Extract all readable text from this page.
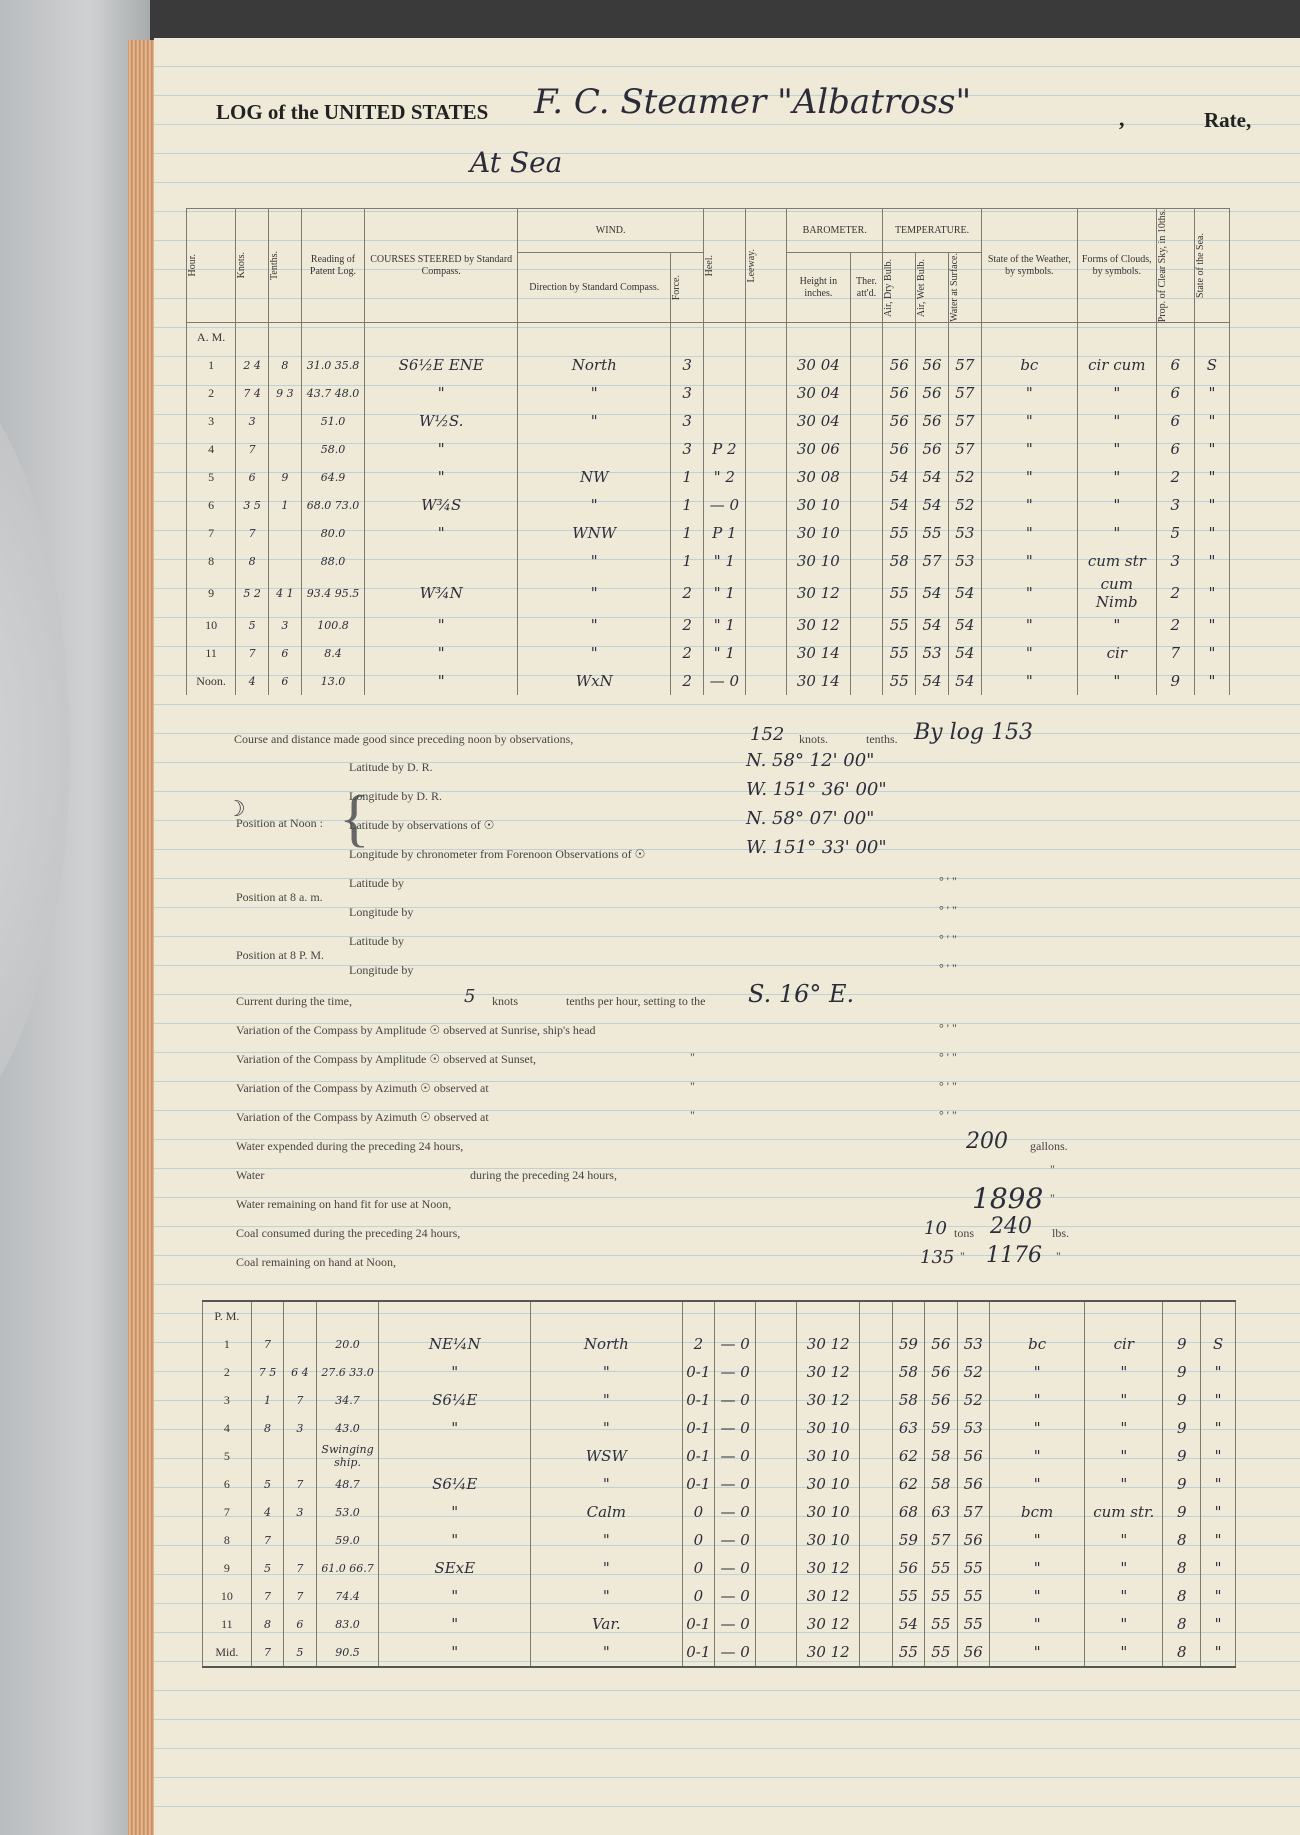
LOG of the UNITED STATES F. C. Steamer "Albatross"
At Sea
,	Rate,
Hour.	Knots.	Tenths.	Reading of Patent Log.	COURSES STEERED by Standard Compass.	WIND.		Heel.	Leeway.	BAROMETER.		TEMPERATURE.			State of the Weather, by symbols.	Forms of Clouds, by symbols.	Prop. of Clear Sky, in 10ths.	State of the Sea.

					Direction by Standard Compass.	Force.			Height in inches.	Ther. att'd.	Air, Dry Bulb.	Air, Wet Bulb.	Water at Surface.				

A. M.																	
1	2 4	8	31.0 35.8	S6½E ENE	North	3			30 04		56	56	57	bc	cir cum	6	S
2	7 4	9 3	43.7 48.0	"	"	3			30 04		56	56	57	"	"	6	"
3	3		51.0	W½S.	"	3			30 04		56	56	57	"	"	6	"
4	7		58.0	"		3	P 2		30 06		56	56	57	"	"	6	"
5	6	9	64.9	"	NW	1	" 2		30 08		54	54	52	"	"	2	"
6	3 5	1	68.0 73.0	W¾S	"	1	— 0		30 10		54	54	52	"	"	3	"
7	7		80.0	"	WNW	1	P 1		30 10		55	55	53	"	"	5	"
8	8		88.0		"	1	" 1		30 10		58	57	53	"	cum str	3	"
9	5 2	4 1	93.4 95.5	W¾N	"	2	" 1		30 12		55	54	54	"	cum Nimb	2	"
10	5	3	100.8	"	"	2	" 1		30 12		55	54	54	"	"	2	"
11	7	6	8.4	"	"	2	" 1		30 14		55	53	54	"	cir	7	"
Noon.	4	6	13.0	"	WxN	2	— 0		30 14		55	54	54	"	"	9	"
Course and distance made good since preceding noon by observations,	152 knots.	tenths. By log 153
☽
Position at Noon : {
Latitude by D. R.	N. 58° 12' 00"
Longitude by D. R.	W. 151° 36' 00"
Latitude by observations of ☉	N. 58° 07' 00"
Longitude by chronometer from Forenoon Observations of ☉	W. 151° 33' 00"
Position at 8 a. m.
Latitude by	° ' "
Longitude by	° ' "
Position at 8 P. M.
Latitude by	° ' "
Longitude by	° ' "
Current during the time,	5 knots	tenths per hour, setting to the S. 16° E.
Variation of the Compass by Amplitude ☉ observed at Sunrise, ship's head	° ' "
Variation of the Compass by Amplitude ☉ observed at Sunset,	"	° ' "
Variation of the Compass by Azimuth ☉ observed at	"	° ' "
Variation of the Compass by Azimuth ☉ observed at	"	° ' "
Water expended during the preceding 24 hours,	200 gallons.
Water	during the preceding 24 hours,	"
Water remaining on hand fit for use at Noon,	1898 "
Coal consumed during the preceding 24 hours,	10 tons 240 lbs.
Coal remaining on hand at Noon,	135 " 1176 "
P. M.																	
1	7		20.0	NE¼N	North	2	— 0		30 12		59	56	53	bc	cir	9	S
2	7 5	6 4	27.6 33.0	"	"	0-1	— 0		30 12		58	56	52	"	"	9	"
3	1	7	34.7	S6¼E	"	0-1	— 0		30 12		58	56	52	"	"	9	"
4	8	3	43.0	"	"	0-1	— 0		30 10		63	59	53	"	"	9	"
5			Swinging ship.		WSW	0-1	— 0		30 10		62	58	56	"	"	9	"
6	5	7	48.7	S6¼E	"	0-1	— 0		30 10		62	58	56	"	"	9	"
7	4	3	53.0	"	Calm	0	— 0		30 10		68	63	57	bcm	cum str.	9	"
8	7		59.0	"	"	0	— 0		30 10		59	57	56	"	"	8	"
9	5	7	61.0 66.7	SExE	"	0	— 0		30 12		56	55	55	"	"	8	"
10	7	7	74.4	"	"	0	— 0		30 12		55	55	55	"	"	8	"
11	8	6	83.0	"	Var.	0-1	— 0		30 12		54	55	55	"	"	8	"
Mid.	7	5	90.5	"	"	0-1	— 0		30 12		55	55	56	"	"	8	"
